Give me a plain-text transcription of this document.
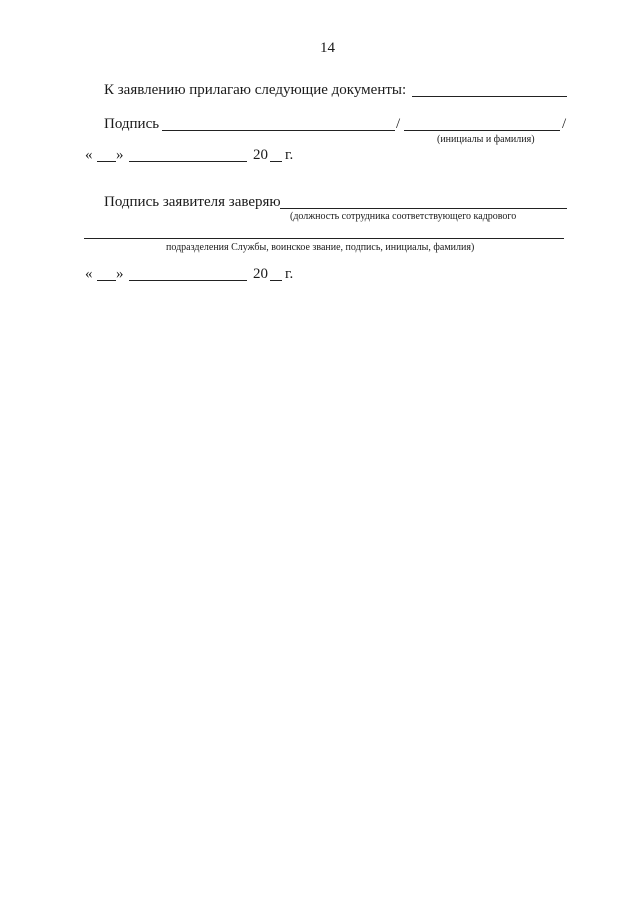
14
К заявлению прилагаю следующие документы:
Подпись	/	/
(инициалы и фамилия)
« »	20 г.
Подпись заявителя заверяю
(должность сотрудника соответствующего кадрового
подразделения Службы, воинское звание, подпись, инициалы, фамилия)
« »	20 г.
